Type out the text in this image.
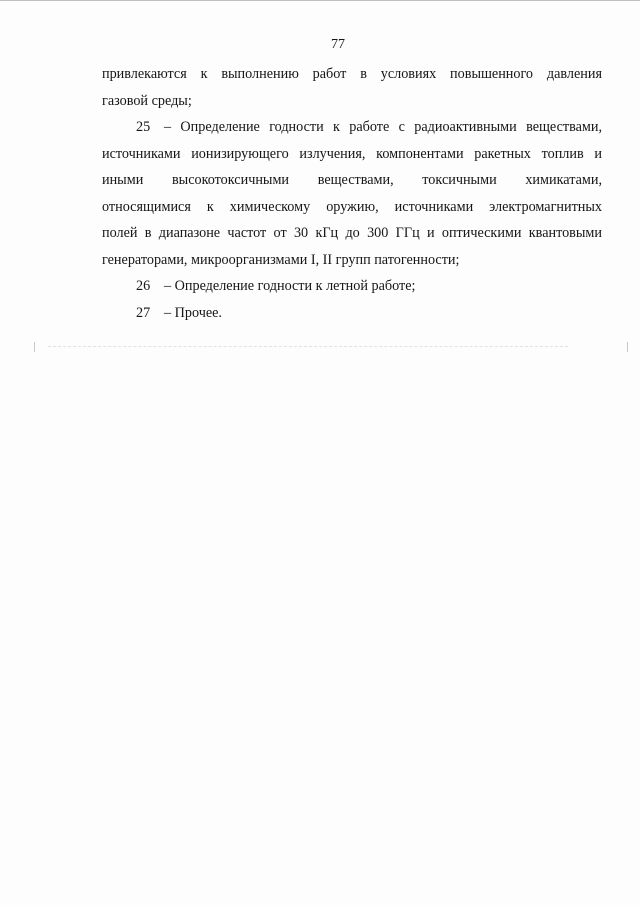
77

привлекаются к выполнению работ в условиях повышенного давления
газовой среды;

25 – Определение годности к работе с радиоактивными веществами,
источниками ионизирующего излучения, компонентами ракетных топлив и
иными высокотоксичными веществами, токсичными химикатами,
относящимися к химическому оружию, источниками электромагнитных
полей в диапазоне частот от 30 кГц до 300 ГГц и оптическими квантовыми
генераторами, микроорганизмами I, II групп патогенности;

26 – Определение годности к летной работе;

27 – Прочее.
